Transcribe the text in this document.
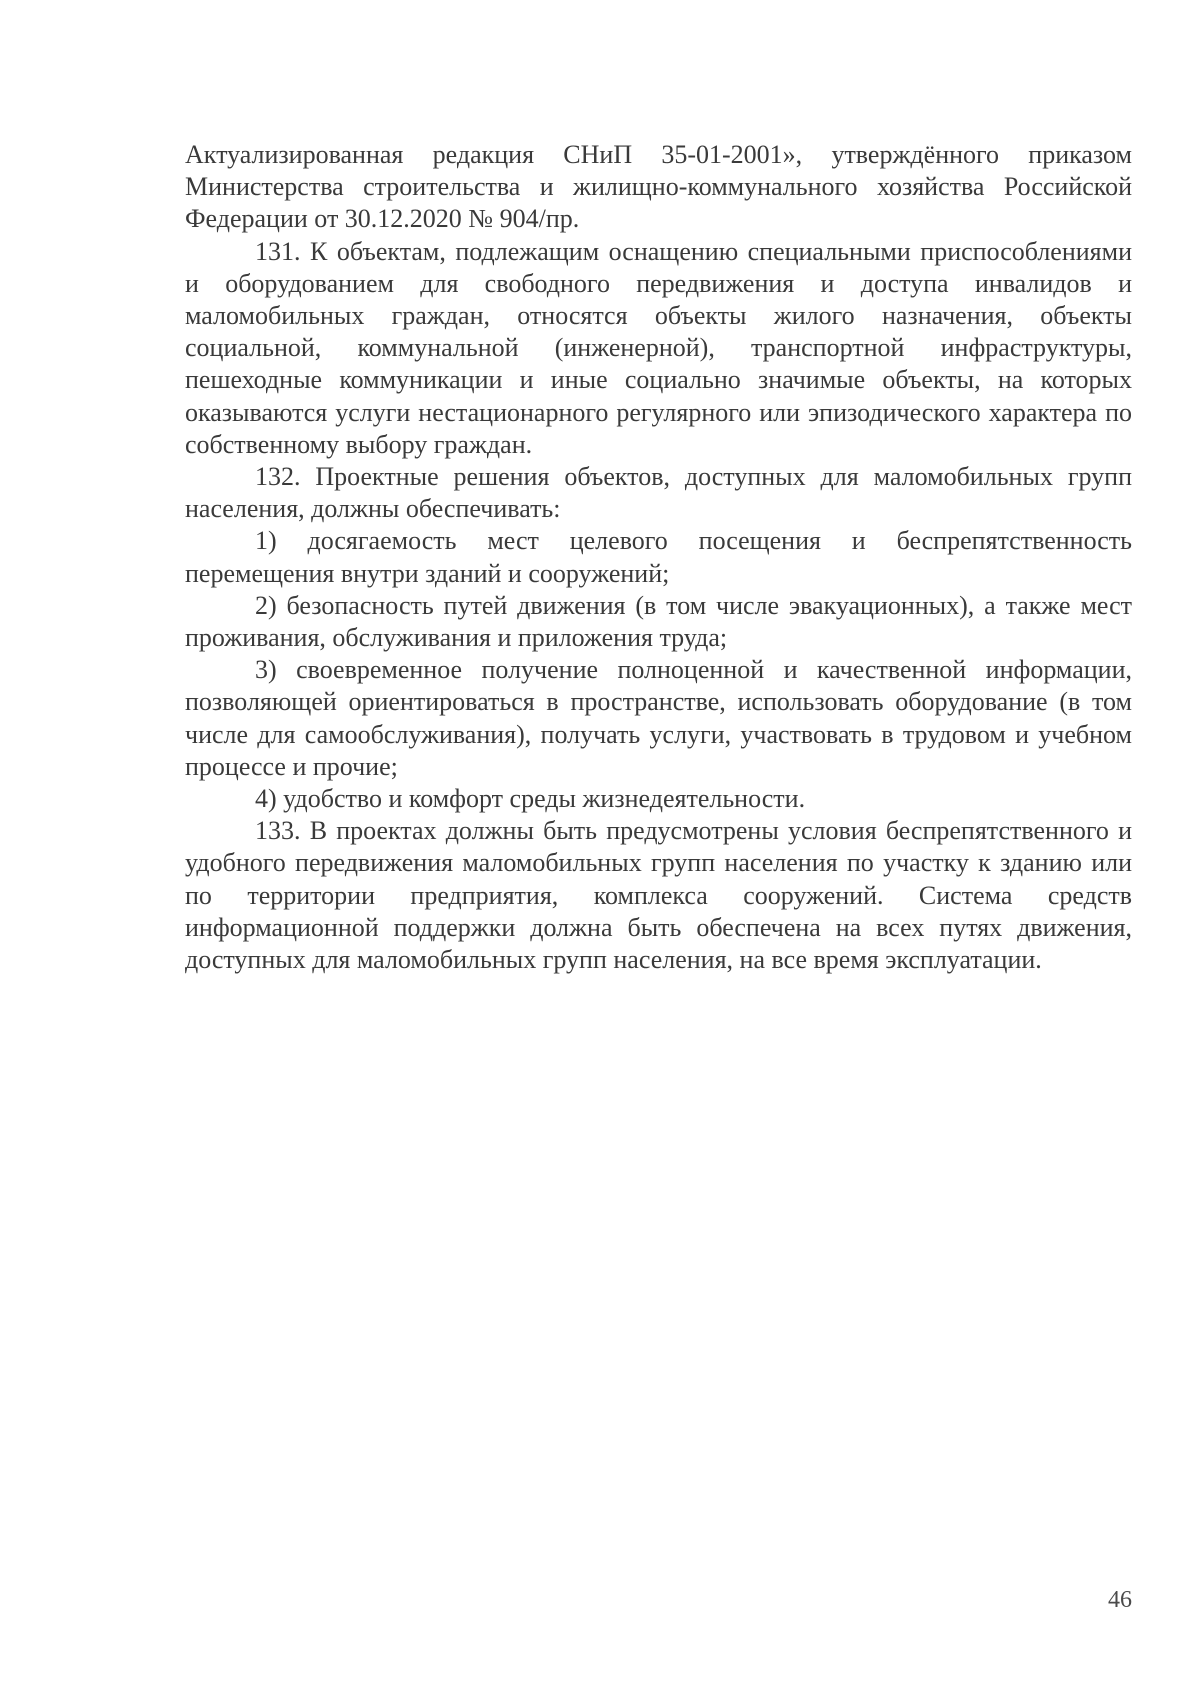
Актуализированная редакция СНиП 35-01-2001», утверждённого приказом Министерства строительства и жилищно-коммунального хозяйства Российской Федерации от 30.12.2020 № 904/пр.

131. К объектам, подлежащим оснащению специальными приспособлениями и оборудованием для свободного передвижения и доступа инвалидов и маломобильных граждан, относятся объекты жилого назначения, объекты социальной, коммунальной (инженерной), транспортной инфраструктуры, пешеходные коммуникации и иные социально значимые объекты, на которых оказываются услуги нестационарного регулярного или эпизодического характера по собственному выбору граждан.

132. Проектные решения объектов, доступных для маломобильных групп населения, должны обеспечивать:

1) досягаемость мест целевого посещения и беспрепятственность перемещения внутри зданий и сооружений;

2) безопасность путей движения (в том числе эвакуационных), а также мест проживания, обслуживания и приложения труда;

3) своевременное получение полноценной и качественной информации, позволяющей ориентироваться в пространстве, использовать оборудование (в том числе для самообслуживания), получать услуги, участвовать в трудовом и учебном процессе и прочие;

4) удобство и комфорт среды жизнедеятельности.

133. В проектах должны быть предусмотрены условия беспрепятственного и удобного передвижения маломобильных групп населения по участку к зданию или по территории предприятия, комплекса сооружений. Система средств информационной поддержки должна быть обеспечена на всех путях движения, доступных для маломобильных групп населения, на все время эксплуатации.

46
